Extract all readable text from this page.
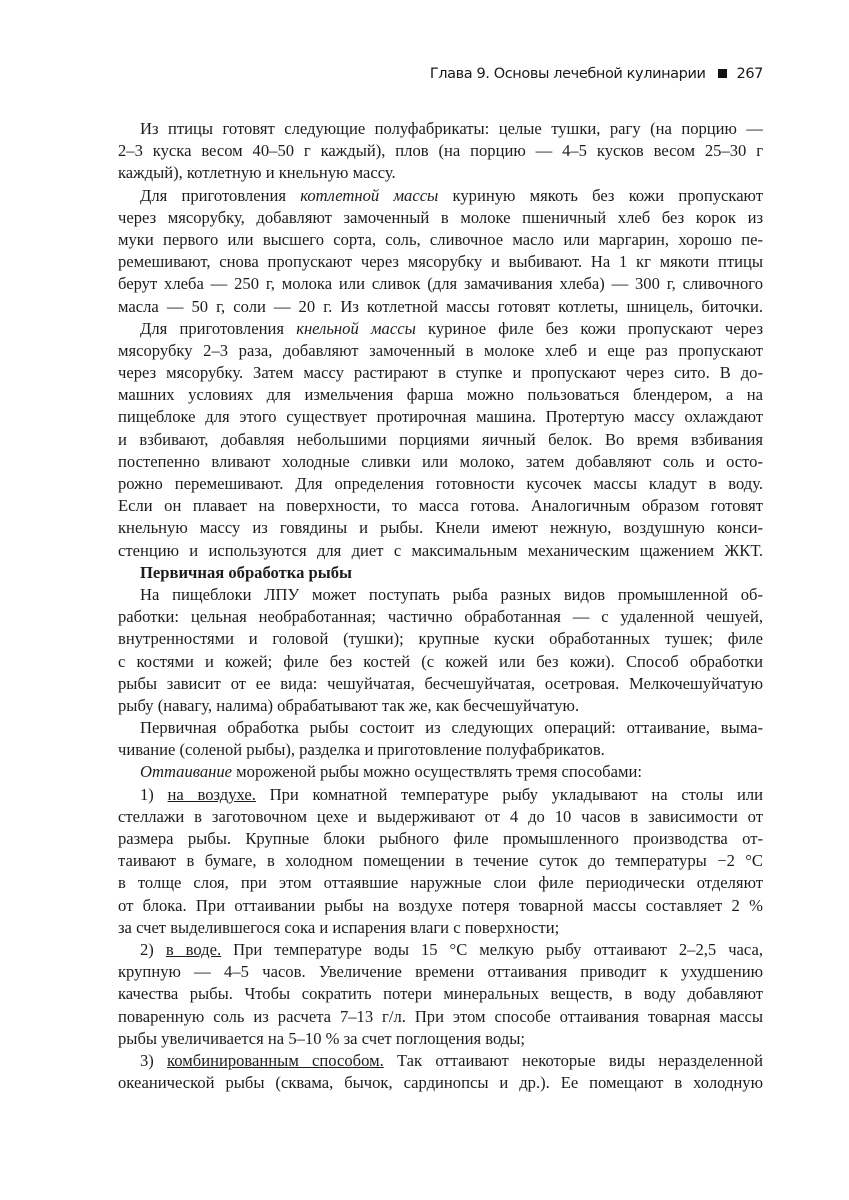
Глава 9. Основы лечебной кулинарии 267
Из птицы готовят следующие полуфабрикаты: целые тушки, рагу (на порцию —
2–3 куска весом 40–50 г каждый), плов (на порцию — 4–5 кусков весом 25–30 г
каждый), котлетную и кнельную массу.
Для приготовления котлетной массы куриную мякоть без кожи пропускают
через мясорубку, добавляют замоченный в молоке пшеничный хлеб без корок из
муки первого или высшего сорта, соль, сливочное масло или маргарин, хорошо пе-
ремешивают, снова пропускают через мясорубку и выбивают. На 1 кг мякоти птицы
берут хлеба — 250 г, молока или сливок (для замачивания хлеба) — 300 г, сливочного
масла — 50 г, соли — 20 г. Из котлетной массы готовят котлеты, шницель, биточки.
Для приготовления кнельной массы куриное филе без кожи пропускают через
мясорубку 2–3 раза, добавляют замоченный в молоке хлеб и еще раз пропускают
через мясорубку. Затем массу растирают в ступке и пропускают через сито. В до-
машних условиях для измельчения фарша можно пользоваться блендером, а на
пищеблоке для этого существует протирочная машина. Протертую массу охлаждают
и взбивают, добавляя небольшими порциями яичный белок. Во время взбивания
постепенно вливают холодные сливки или молоко, затем добавляют соль и осто-
рожно перемешивают. Для определения готовности кусочек массы кладут в воду.
Если он плавает на поверхности, то масса готова. Аналогичным образом готовят
кнельную массу из говядины и рыбы. Кнели имеют нежную, воздушную конси-
стенцию и используются для диет с максимальным механическим щажением ЖКТ.
Первичная обработка рыбы
На пищеблоки ЛПУ может поступать рыба разных видов промышленной об-
работки: цельная необработанная; частично обработанная — с удаленной чешуей,
внутренностями и головой (тушки); крупные куски обработанных тушек; филе
с костями и кожей; филе без костей (с кожей или без кожи). Способ обработки
рыбы зависит от ее вида: чешуйчатая, бесчешуйчатая, осетровая. Мелкочешуйчатую
рыбу (навагу, налима) обрабатывают так же, как бесчешуйчатую.
Первичная обработка рыбы состоит из следующих операций: оттаивание, выма-
чивание (соленой рыбы), разделка и приготовление полуфабрикатов.
Оттаивание мороженой рыбы можно осуществлять тремя способами:
1) на воздухе. При комнатной температуре рыбу укладывают на столы или
стеллажи в заготовочном цехе и выдерживают от 4 до 10 часов в зависимости от
размера рыбы. Крупные блоки рыбного филе промышленного производства от-
таивают в бумаге, в холодном помещении в течение суток до температуры −2 °С
в толще слоя, при этом оттаявшие наружные слои филе периодически отделяют
от блока. При оттаивании рыбы на воздухе потеря товарной массы составляет 2 %
за счет выделившегося сока и испарения влаги с поверхности;
2) в воде. При температуре воды 15 °С мелкую рыбу оттаивают 2–2,5 часа,
крупную — 4–5 часов. Увеличение времени оттаивания приводит к ухудшению
качества рыбы. Чтобы сократить потери минеральных веществ, в воду добавляют
поваренную соль из расчета 7–13 г/л. При этом способе оттаивания товарная массы
рыбы увеличивается на 5–10 % за счет поглощения воды;
3) комбинированным способом. Так оттаивают некоторые виды неразделенной
океанической рыбы (сквама, бычок, сардинопсы и др.). Ее помещают в холодную
